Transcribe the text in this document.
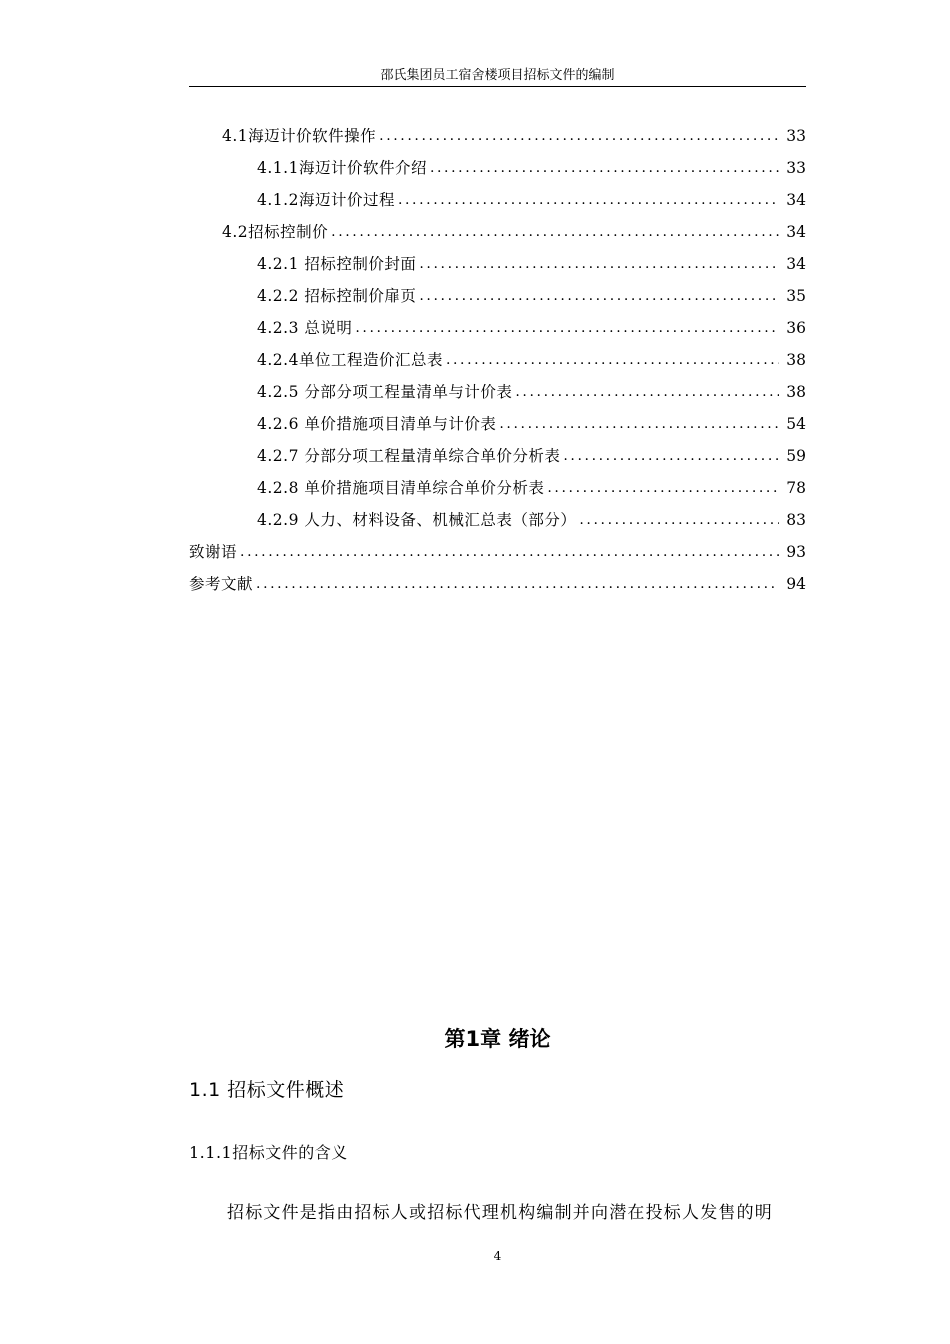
邵氏集团员工宿舍楼项目招标文件的编制
4.1海迈计价软件操作 .....	33
4.1.1海迈计价软件介绍 .....	33
4.1.2海迈计价过程 .....	34
4.2招标控制价 .....	34
4.2.1 招标控制价封面 .....	34
4.2.2 招标控制价扉页 .....	35
4.2.3 总说明 .....	36
4.2.4单位工程造价汇总表 .....	38
4.2.5 分部分项工程量清单与计价表 .....	38
4.2.6 单价措施项目清单与计价表 .....	54
4.2.7 分部分项工程量清单综合单价分析表 .....	59
4.2.8 单价措施项目清单综合单价分析表 .....	78
4.2.9 人力、材料设备、机械汇总表（部分） .....	83
致谢语 .....	93
参考文献 .....	94
第1章 绪论
1.1 招标文件概述
1.1.1招标文件的含义
招标文件是指由招标人或招标代理机构编制并向潜在投标人发售的明
4
